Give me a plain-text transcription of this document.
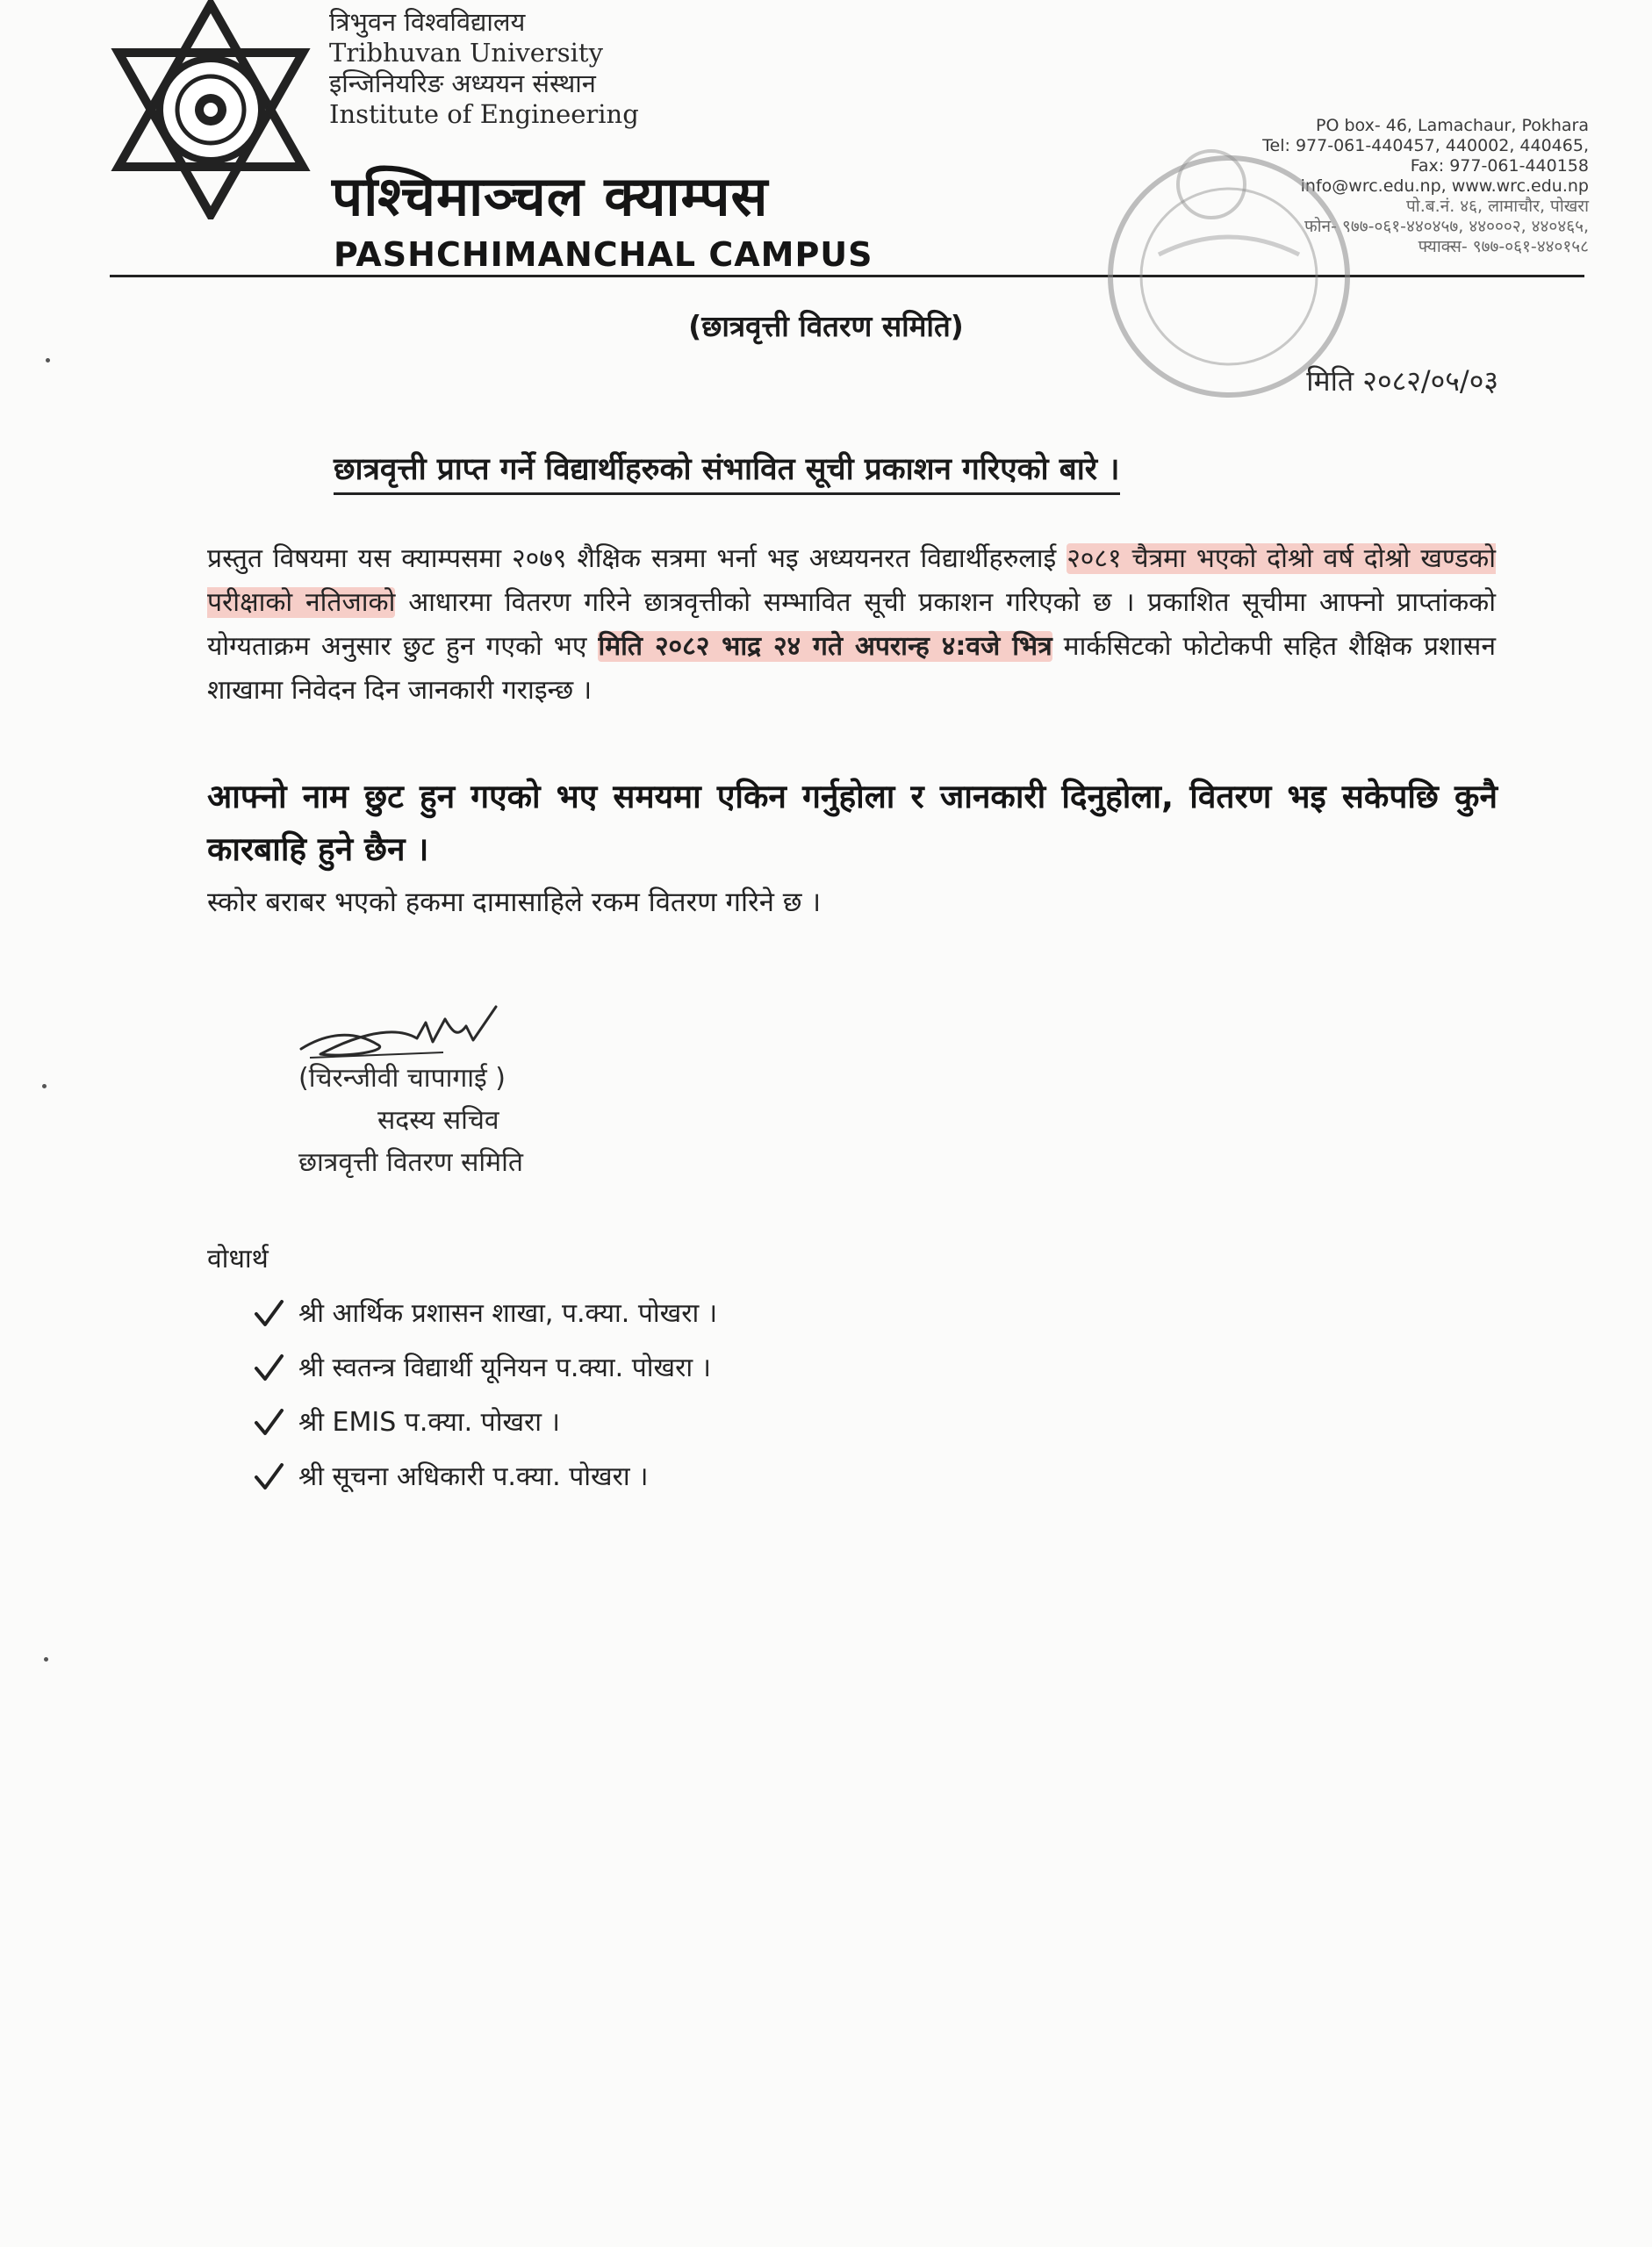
त्रिभुवन विश्वविद्यालय
Tribhuvan University
इन्जिनियरिङ अध्ययन संस्थान
Institute of Engineering
पश्चिमाञ्चल क्याम्पस
PASHCHIMANCHAL CAMPUS
PO box- 46, Lamachaur, Pokhara
Tel: 977-061-440457, 440002, 440465,
Fax: 977-061-440158
info@wrc.edu.np, www.wrc.edu.np
पो.ब.नं. ४६, लामाचौर, पोखरा
फोन- ९७७-०६१-४४०४५७, ४४०००२, ४४०४६५,
फ्याक्स- ९७७-०६१-४४०१५८
(छात्रवृत्ती वितरण समिति)
मिति २०८२/०५/०३
छात्रवृत्ती प्राप्त गर्ने विद्यार्थीहरुको संभावित सूची प्रकाशन गरिएको बारे ।
प्रस्तुत विषयमा यस क्याम्पसमा २०७९ शैक्षिक सत्रमा भर्ना भइ अध्ययनरत विद्यार्थीहरुलाई २०८१ चैत्रमा भएको दोश्रो वर्ष दोश्रो खण्डको परीक्षाको नतिजाको आधारमा वितरण गरिने छात्रवृत्तीको सम्भावित सूची प्रकाशन गरिएको छ । प्रकाशित सूचीमा आफ्नो प्राप्तांकको योग्यताक्रम अनुसार छुट हुन गएको भए मिति २०८२ भाद्र २४ गते अपरान्ह ४:वजे भित्र मार्कसिटको फोटोकपी सहित शैक्षिक प्रशासन शाखामा निवेदन दिन जानकारी गराइन्छ ।
आफ्नो नाम छुट हुन गएको भए समयमा एकिन गर्नुहोला र जानकारी दिनुहोला, वितरण भइ सकेपछि कुनै कारबाहि हुने छैन ।
स्कोर बराबर भएको हकमा दामासाहिले रकम वितरण गरिने छ ।
(चिरन्जीवी चापागाई )
सदस्य सचिव
छात्रवृत्ती वितरण समिति
वोधार्थ
श्री आर्थिक प्रशासन शाखा, प.क्या. पोखरा ।
श्री स्वतन्त्र विद्यार्थी यूनियन प.क्या. पोखरा ।
श्री EMIS प.क्या. पोखरा ।
श्री सूचना अधिकारी प.क्या. पोखरा ।
